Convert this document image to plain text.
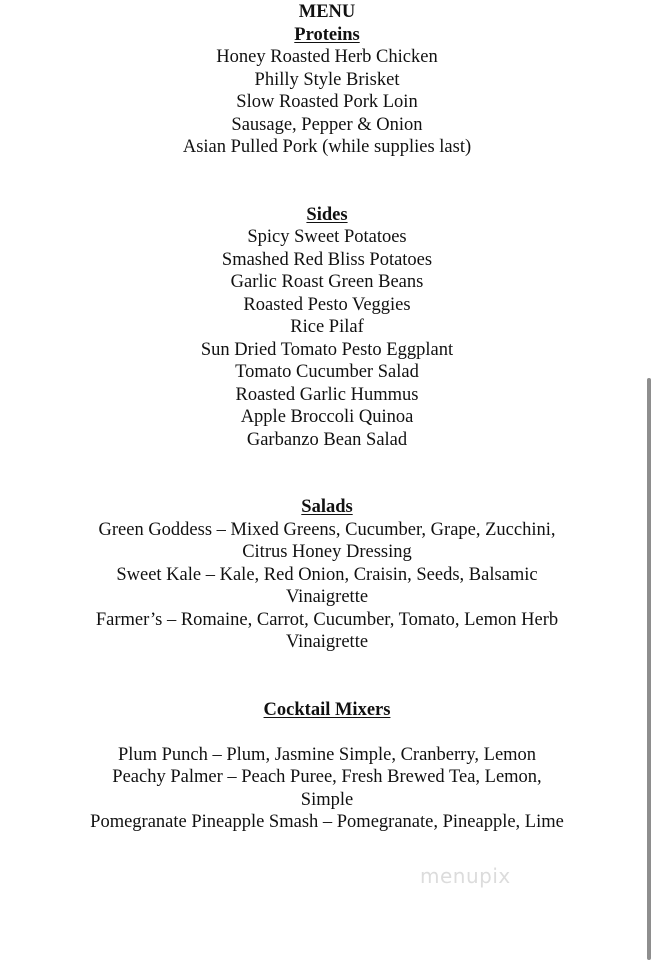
MENU
Proteins
Honey Roasted Herb Chicken
Philly Style Brisket
Slow Roasted Pork Loin
Sausage, Pepper & Onion
Asian Pulled Pork (while supplies last)
Sides
Spicy Sweet Potatoes
Smashed Red Bliss Potatoes
Garlic Roast Green Beans
Roasted Pesto Veggies
Rice Pilaf
Sun Dried Tomato Pesto Eggplant
Tomato Cucumber Salad
Roasted Garlic Hummus
Apple Broccoli Quinoa
Garbanzo Bean Salad
Salads
Green Goddess – Mixed Greens, Cucumber, Grape, Zucchini,
Citrus Honey Dressing
Sweet Kale – Kale, Red Onion, Craisin, Seeds, Balsamic
Vinaigrette
Farmer’s – Romaine, Carrot, Cucumber, Tomato, Lemon Herb
Vinaigrette
Cocktail Mixers
Plum Punch – Plum, Jasmine Simple, Cranberry, Lemon
Peachy Palmer – Peach Puree, Fresh Brewed Tea, Lemon,
Simple
Pomegranate Pineapple Smash – Pomegranate, Pineapple, Lime
menupix
